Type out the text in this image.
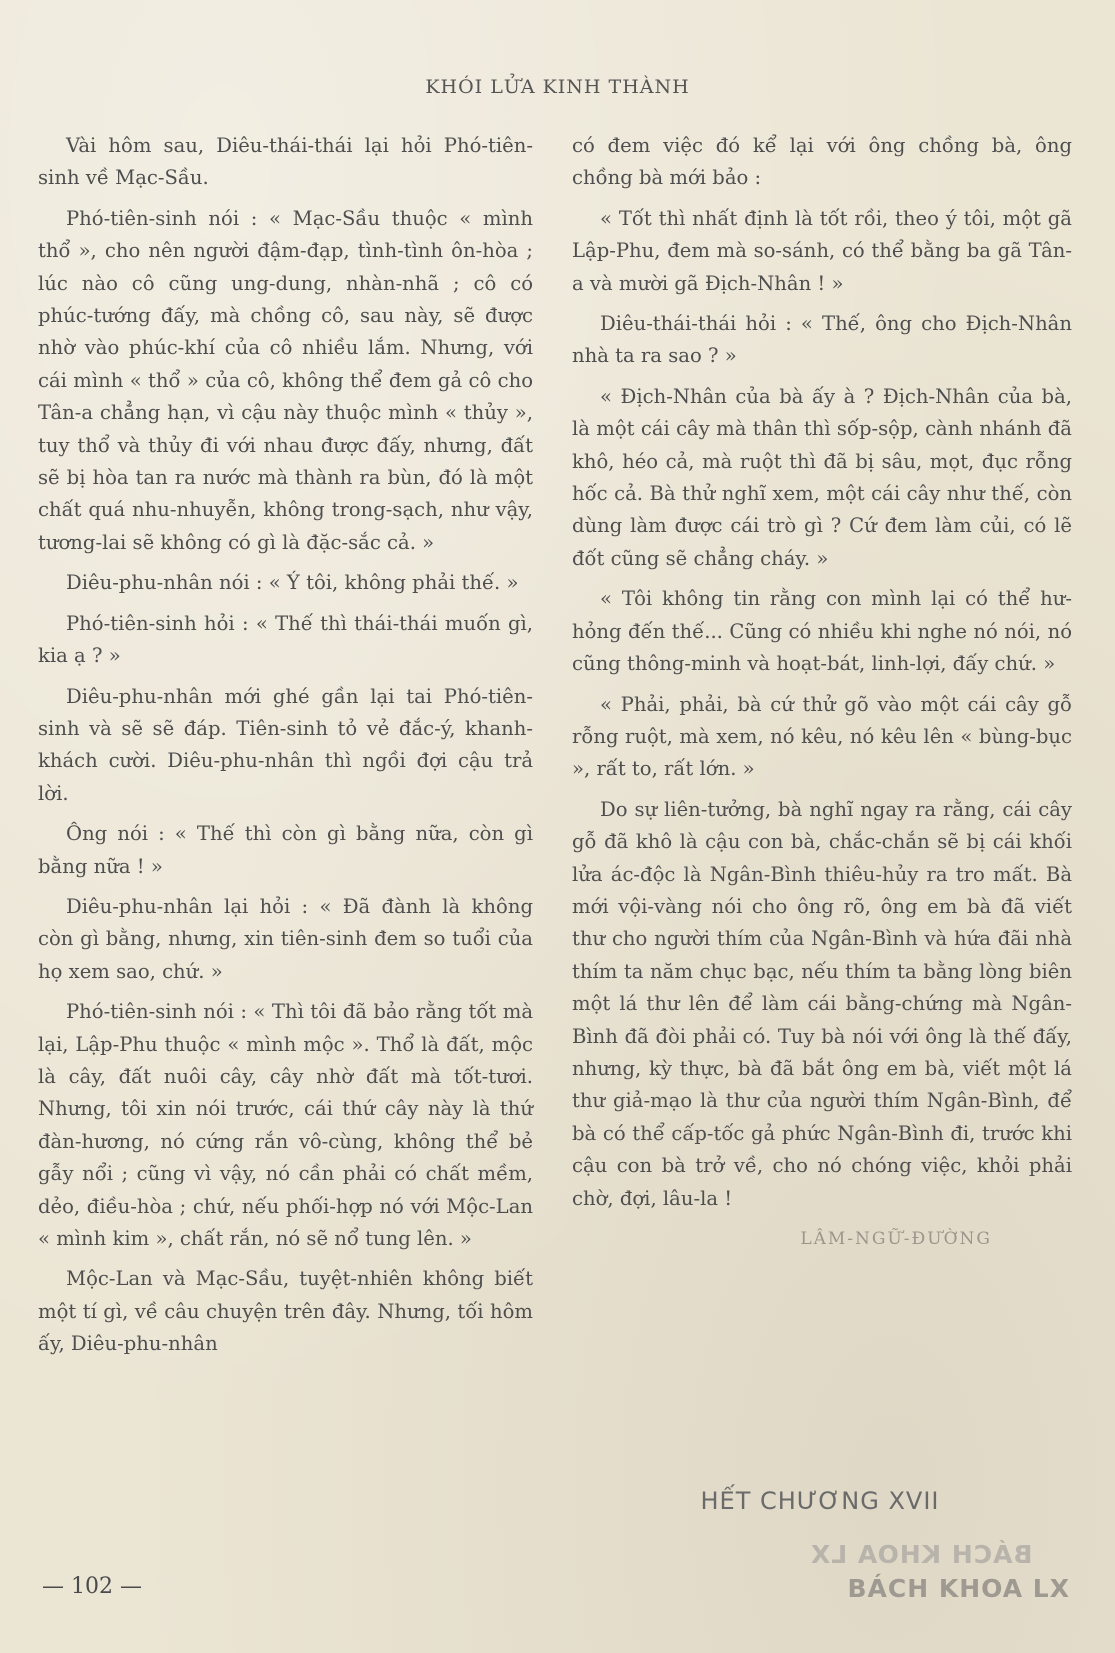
KHÓI LỬA KINH THÀNH

Vài hôm sau, Diêu-thái-thái lại hỏi Phó-tiên-sinh về Mạc-Sầu.

Phó-tiên-sinh nói : « Mạc-Sầu thuộc « mình thổ », cho nên người đậm-đạp, tình-tình ôn-hòa ; lúc nào cô cũng ung-dung, nhàn-nhã ; cô có phúc-tướng đấy, mà chồng cô, sau này, sẽ được nhờ vào phúc-khí của cô nhiều lắm. Nhưng, với cái mình « thổ » của cô, không thể đem gả cô cho Tân-a chẳng hạn, vì cậu này thuộc mình « thủy », tuy thổ và thủy đi với nhau được đấy, nhưng, đất sẽ bị hòa tan ra nước mà thành ra bùn, đó là một chất quá nhu-nhuyễn, không trong-sạch, như vậy, tương-lai sẽ không có gì là đặc-sắc cả. »

Diêu-phu-nhân nói : « Ý tôi, không phải thế. »

Phó-tiên-sinh hỏi : « Thế thì thái-thái muốn gì, kia ạ ? »

Diêu-phu-nhân mới ghé gần lại tai Phó-tiên-sinh và sẽ sẽ đáp. Tiên-sinh tỏ vẻ đắc-ý, khanh-khách cười. Diêu-phu-nhân thì ngồi đợi cậu trả lời.

Ông nói : « Thế thì còn gì bằng nữa, còn gì bằng nữa ! »

Diêu-phu-nhân lại hỏi : « Đã đành là không còn gì bằng, nhưng, xin tiên-sinh đem so tuổi của họ xem sao, chứ. »

Phó-tiên-sinh nói : « Thì tôi đã bảo rằng tốt mà lại, Lập-Phu thuộc « mình mộc ». Thổ là đất, mộc là cây, đất nuôi cây, cây nhờ đất mà tốt-tươi. Nhưng, tôi xin nói trước, cái thứ cây này là thứ đàn-hương, nó cứng rắn vô-cùng, không thể bẻ gẫy nổi ; cũng vì vậy, nó cần phải có chất mềm, dẻo, điều-hòa ; chứ, nếu phối-hợp nó với Mộc-Lan « mình kim », chất rắn, nó sẽ nổ tung lên. »

Mộc-Lan và Mạc-Sầu, tuyệt-nhiên không biết một tí gì, về câu chuyện trên đây. Nhưng, tối hôm ấy, Diêu-phu-nhân

có đem việc đó kể lại với ông chồng bà, ông chồng bà mới bảo :

« Tốt thì nhất định là tốt rồi, theo ý tôi, một gã Lập-Phu, đem mà so-sánh, có thể bằng ba gã Tân-a và mười gã Địch-Nhân ! »

Diêu-thái-thái hỏi : « Thế, ông cho Địch-Nhân nhà ta ra sao ? »

« Địch-Nhân của bà ấy à ? Địch-Nhân của bà, là một cái cây mà thân thì sốp-sộp, cành nhánh đã khô, héo cả, mà ruột thì đã bị sâu, mọt, đục rỗng hốc cả. Bà thử nghĩ xem, một cái cây như thế, còn dùng làm được cái trò gì ? Cứ đem làm củi, có lẽ đốt cũng sẽ chẳng cháy. »

« Tôi không tin rằng con mình lại có thể hư-hỏng đến thế... Cũng có nhiều khi nghe nó nói, nó cũng thông-minh và hoạt-bát, linh-lợi, đấy chứ. »

« Phải, phải, bà cứ thử gõ vào một cái cây gỗ rỗng ruột, mà xem, nó kêu, nó kêu lên « bùng-bục », rất to, rất lớn. »

Do sự liên-tưởng, bà nghĩ ngay ra rằng, cái cây gỗ đã khô là cậu con bà, chắc-chắn sẽ bị cái khối lửa ác-độc là Ngân-Bình thiêu-hủy ra tro mất. Bà mới vội-vàng nói cho ông rõ, ông em bà đã viết thư cho người thím của Ngân-Bình và hứa đãi nhà thím ta năm chục bạc, nếu thím ta bằng lòng biên một lá thư lên để làm cái bằng-chứng mà Ngân-Bình đã đòi phải có. Tuy bà nói với ông là thế đấy, nhưng, kỳ thực, bà đã bắt ông em bà, viết một lá thư giả-mạo là thư của người thím Ngân-Bình, để bà có thể cấp-tốc gả phức Ngân-Bình đi, trước khi cậu con bà trở về, cho nó chóng việc, khỏi phải chờ, đợi, lâu-la !

LÂM-NGỮ-ĐƯỜNG

HẾT CHƯƠNG XVII
BÁCH KHOA LX
BÁCH KHOA LX
— 102 —
